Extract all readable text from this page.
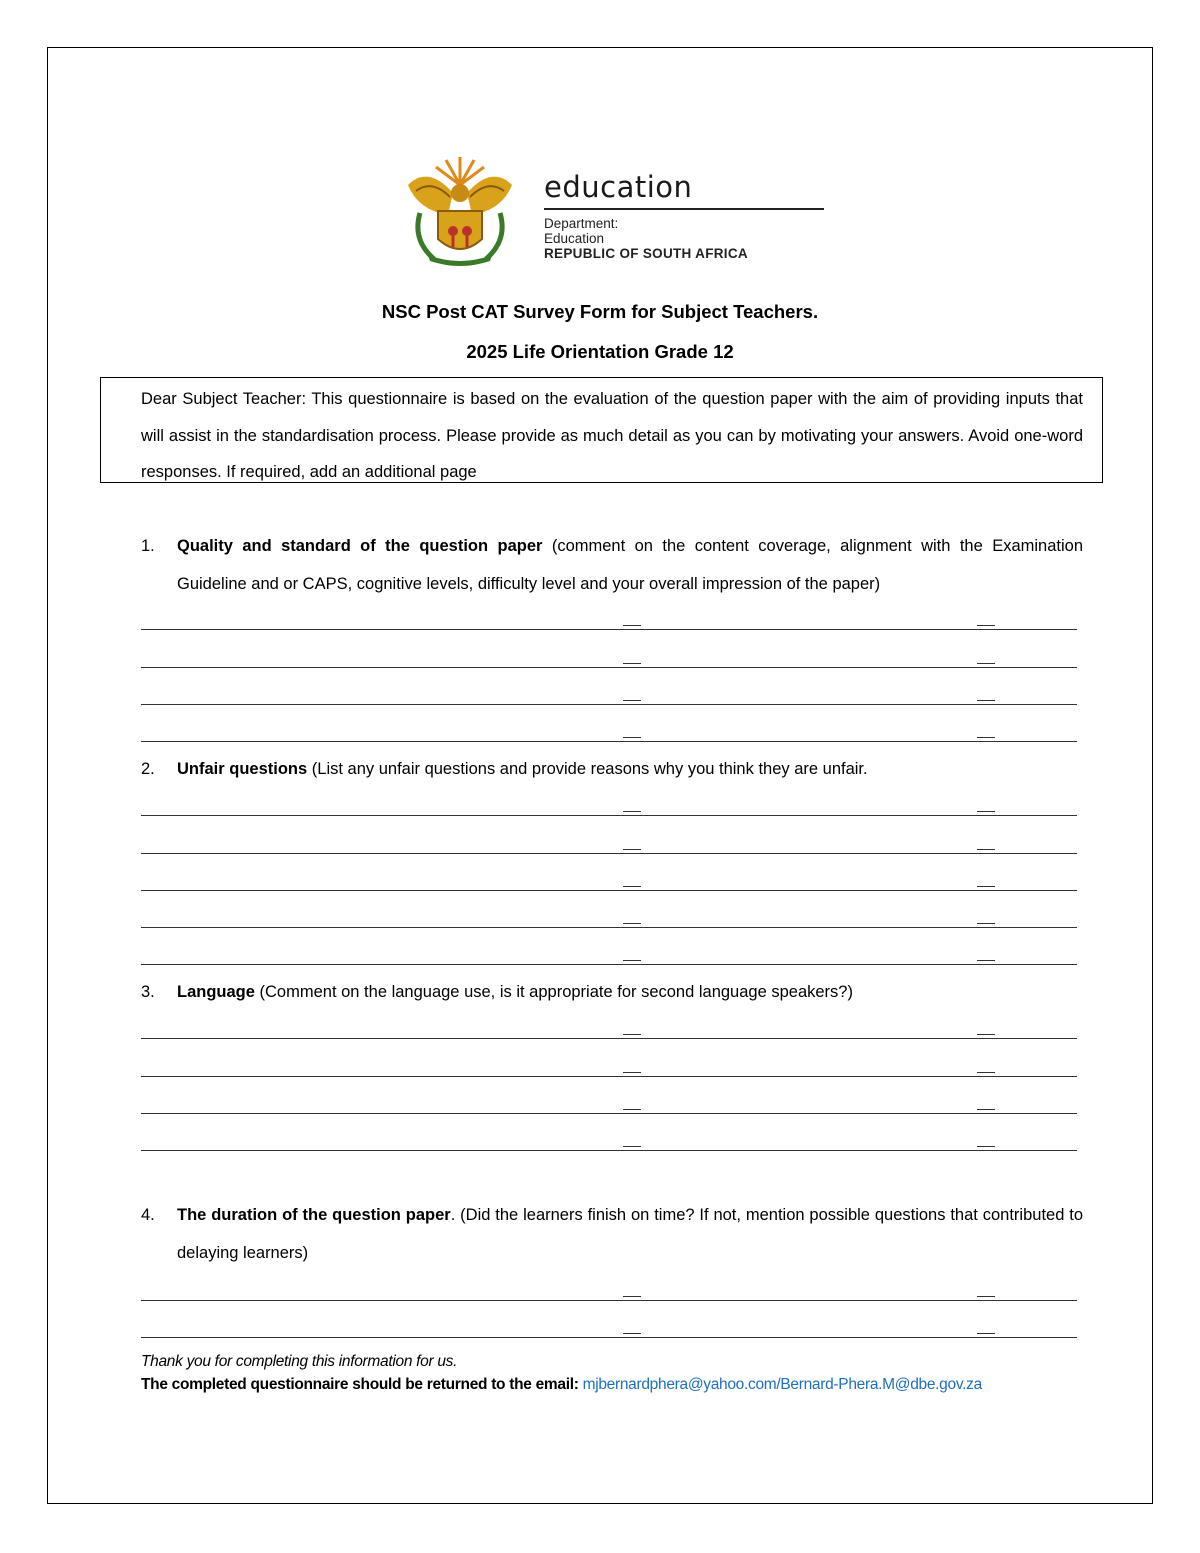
education
Department:
Education
REPUBLIC OF SOUTH AFRICA
NSC Post CAT Survey Form for Subject Teachers.
2025 Life Orientation Grade 12
Dear Subject Teacher: This questionnaire is based on the evaluation of the question paper with the aim of providing inputs that will assist in the standardisation process. Please provide as much detail as you can by motivating your answers. Avoid one-word responses. If required, add an additional page
1. Quality and standard of the question paper (comment on the content coverage, alignment with the Examination Guideline and or CAPS, cognitive levels, difficulty level and your overall impression of the paper)
2. Unfair questions (List any unfair questions and provide reasons why you think they are unfair.
3. Language (Comment on the language use, is it appropriate for second language speakers?)
4. The duration of the question paper. (Did the learners finish on time? If not, mention possible questions that contributed to delaying learners)
Thank you for completing this information for us.
The completed questionnaire should be returned to the email: mjbernardphera@yahoo.com/Bernard-Phera.M@dbe.gov.za
